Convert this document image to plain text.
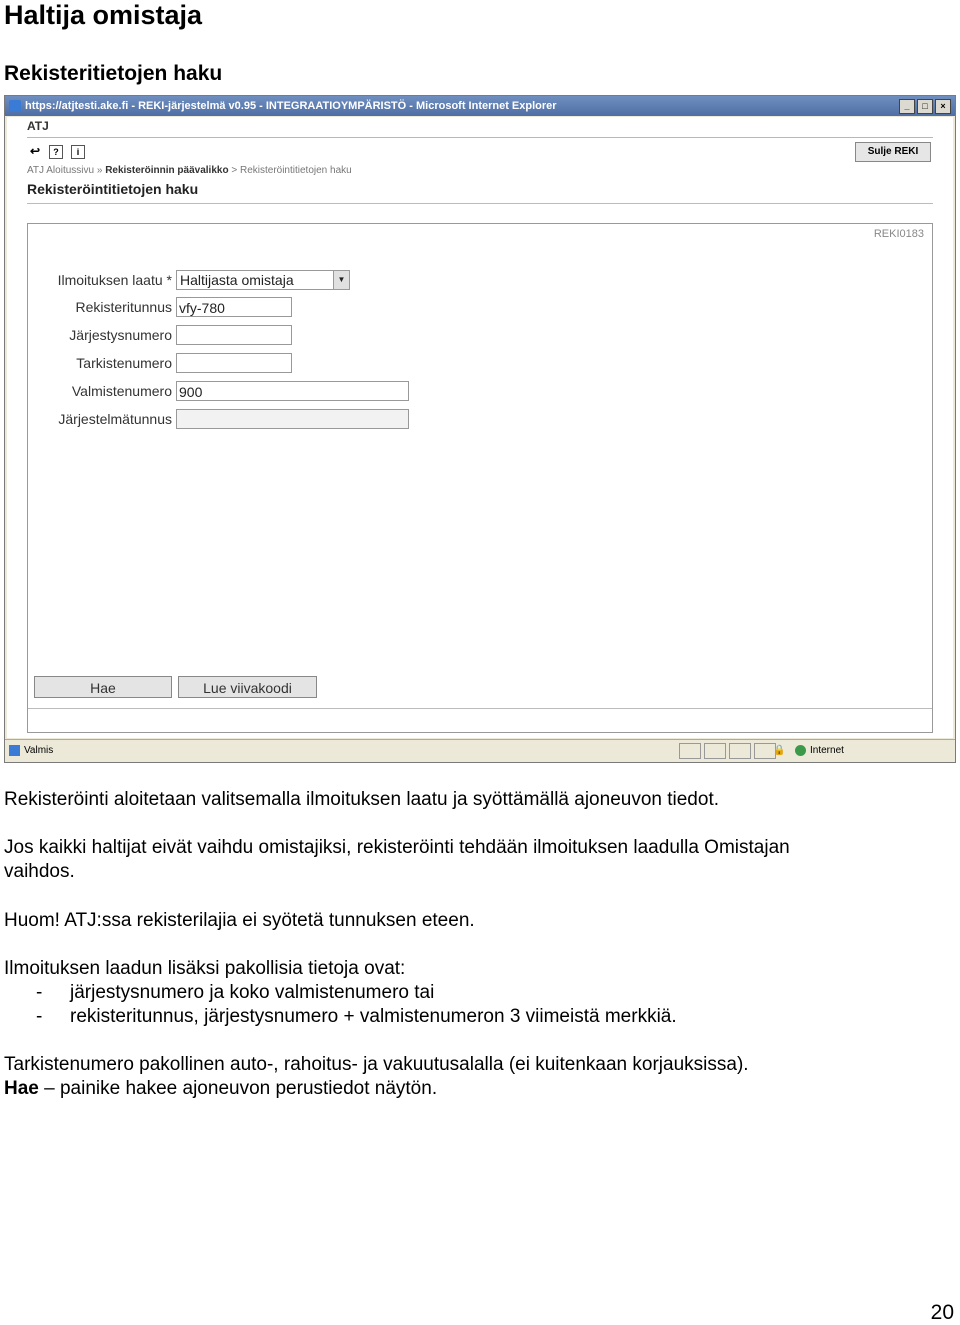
Haltija omistaja
Rekisteritietojen haku
https://atjtesti.ake.fi - REKI-järjestelmä v0.95 - INTEGRAATIOYMPÄRISTÖ - Microsoft Internet Explorer	_	□	×
ATJ
↩	?	i	Sulje REKI
ATJ Aloitussivu » Rekisteröinnin päävalikko > Rekisteröintitietojen haku
Rekisteröintitietojen haku
REKI0183
Ilmoituksen laatu * Haltijasta omistaja	▼
Rekisteritunnus vfy-780
Järjestysnumero
Tarkistenumero
Valmistenumero 900
Järjestelmätunnus
Hae	Lue viivakoodi
Valmis	🔒	Internet
Rekisteröinti aloitetaan valitsemalla ilmoituksen laatu ja syöttämällä ajoneuvon tiedot.
Jos kaikki haltijat eivät vaihdu omistajiksi, rekisteröinti tehdään ilmoituksen laadulla Omistajan
vaihdos.
Huom! ATJ:ssa rekisterilajia ei syötetä tunnuksen eteen.
Ilmoituksen laadun lisäksi pakollisia tietoja ovat:
- järjestysnumero ja koko valmistenumero tai
- rekisteritunnus, järjestysnumero + valmistenumeron 3 viimeistä merkkiä.
Tarkistenumero pakollinen auto-, rahoitus- ja vakuutusalalla (ei kuitenkaan korjauksissa).
Hae – painike hakee ajoneuvon perustiedot näytön.
20
